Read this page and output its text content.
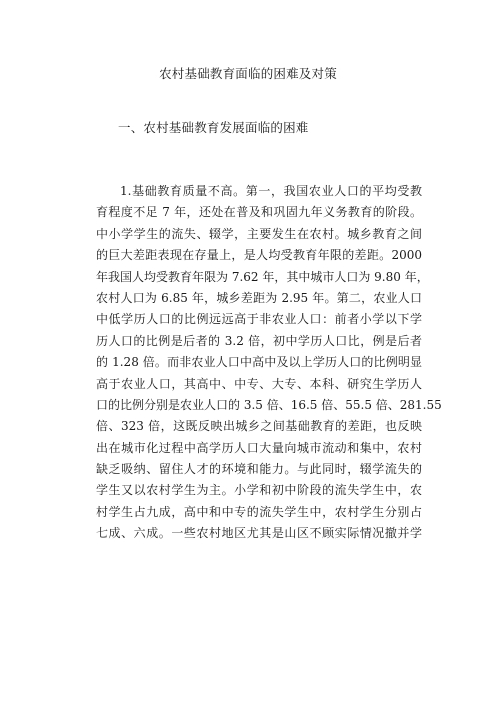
农村基础教育面临的困难及对策
一、农村基础教育发展面临的困难
1.基础教育质量不高。第一，我国农业人口的平均受教
育程度不足 7 年，还处在普及和巩固九年义务教育的阶段。
中小学学生的流失、辍学，主要发生在农村。城乡教育之间
的巨大差距表现在存量上，是人均受教育年限的差距。2000
年我国人均受教育年限为 7.62 年，其中城市人口为 9.80 年，
农村人口为 6.85 年，城乡差距为 2.95 年。第二，农业人口
中低学历人口的比例远远高于非农业人口：前者小学以下学
历人口的比例是后者的 3.2 倍，初中学历人口比，例是后者
的 1.28 倍。而非农业人口中高中及以上学历人口的比例明显
高于农业人口，其高中、中专、大专、本科、研究生学历人
口的比例分别是农业人口的 3.5 倍、16.5 倍、55.5 倍、281.55
倍、323 倍，这既反映出城乡之间基础教育的差距，也反映
出在城市化过程中高学历人口大量向城市流动和集中，农村
缺乏吸纳、留住人才的环境和能力。与此同时，辍学流失的
学生又以农村学生为主。小学和初中阶段的流失学生中，农
村学生占九成，高中和中专的流失学生中，农村学生分别占
七成、六成。一些农村地区尤其是山区不顾实际情况撤并学
